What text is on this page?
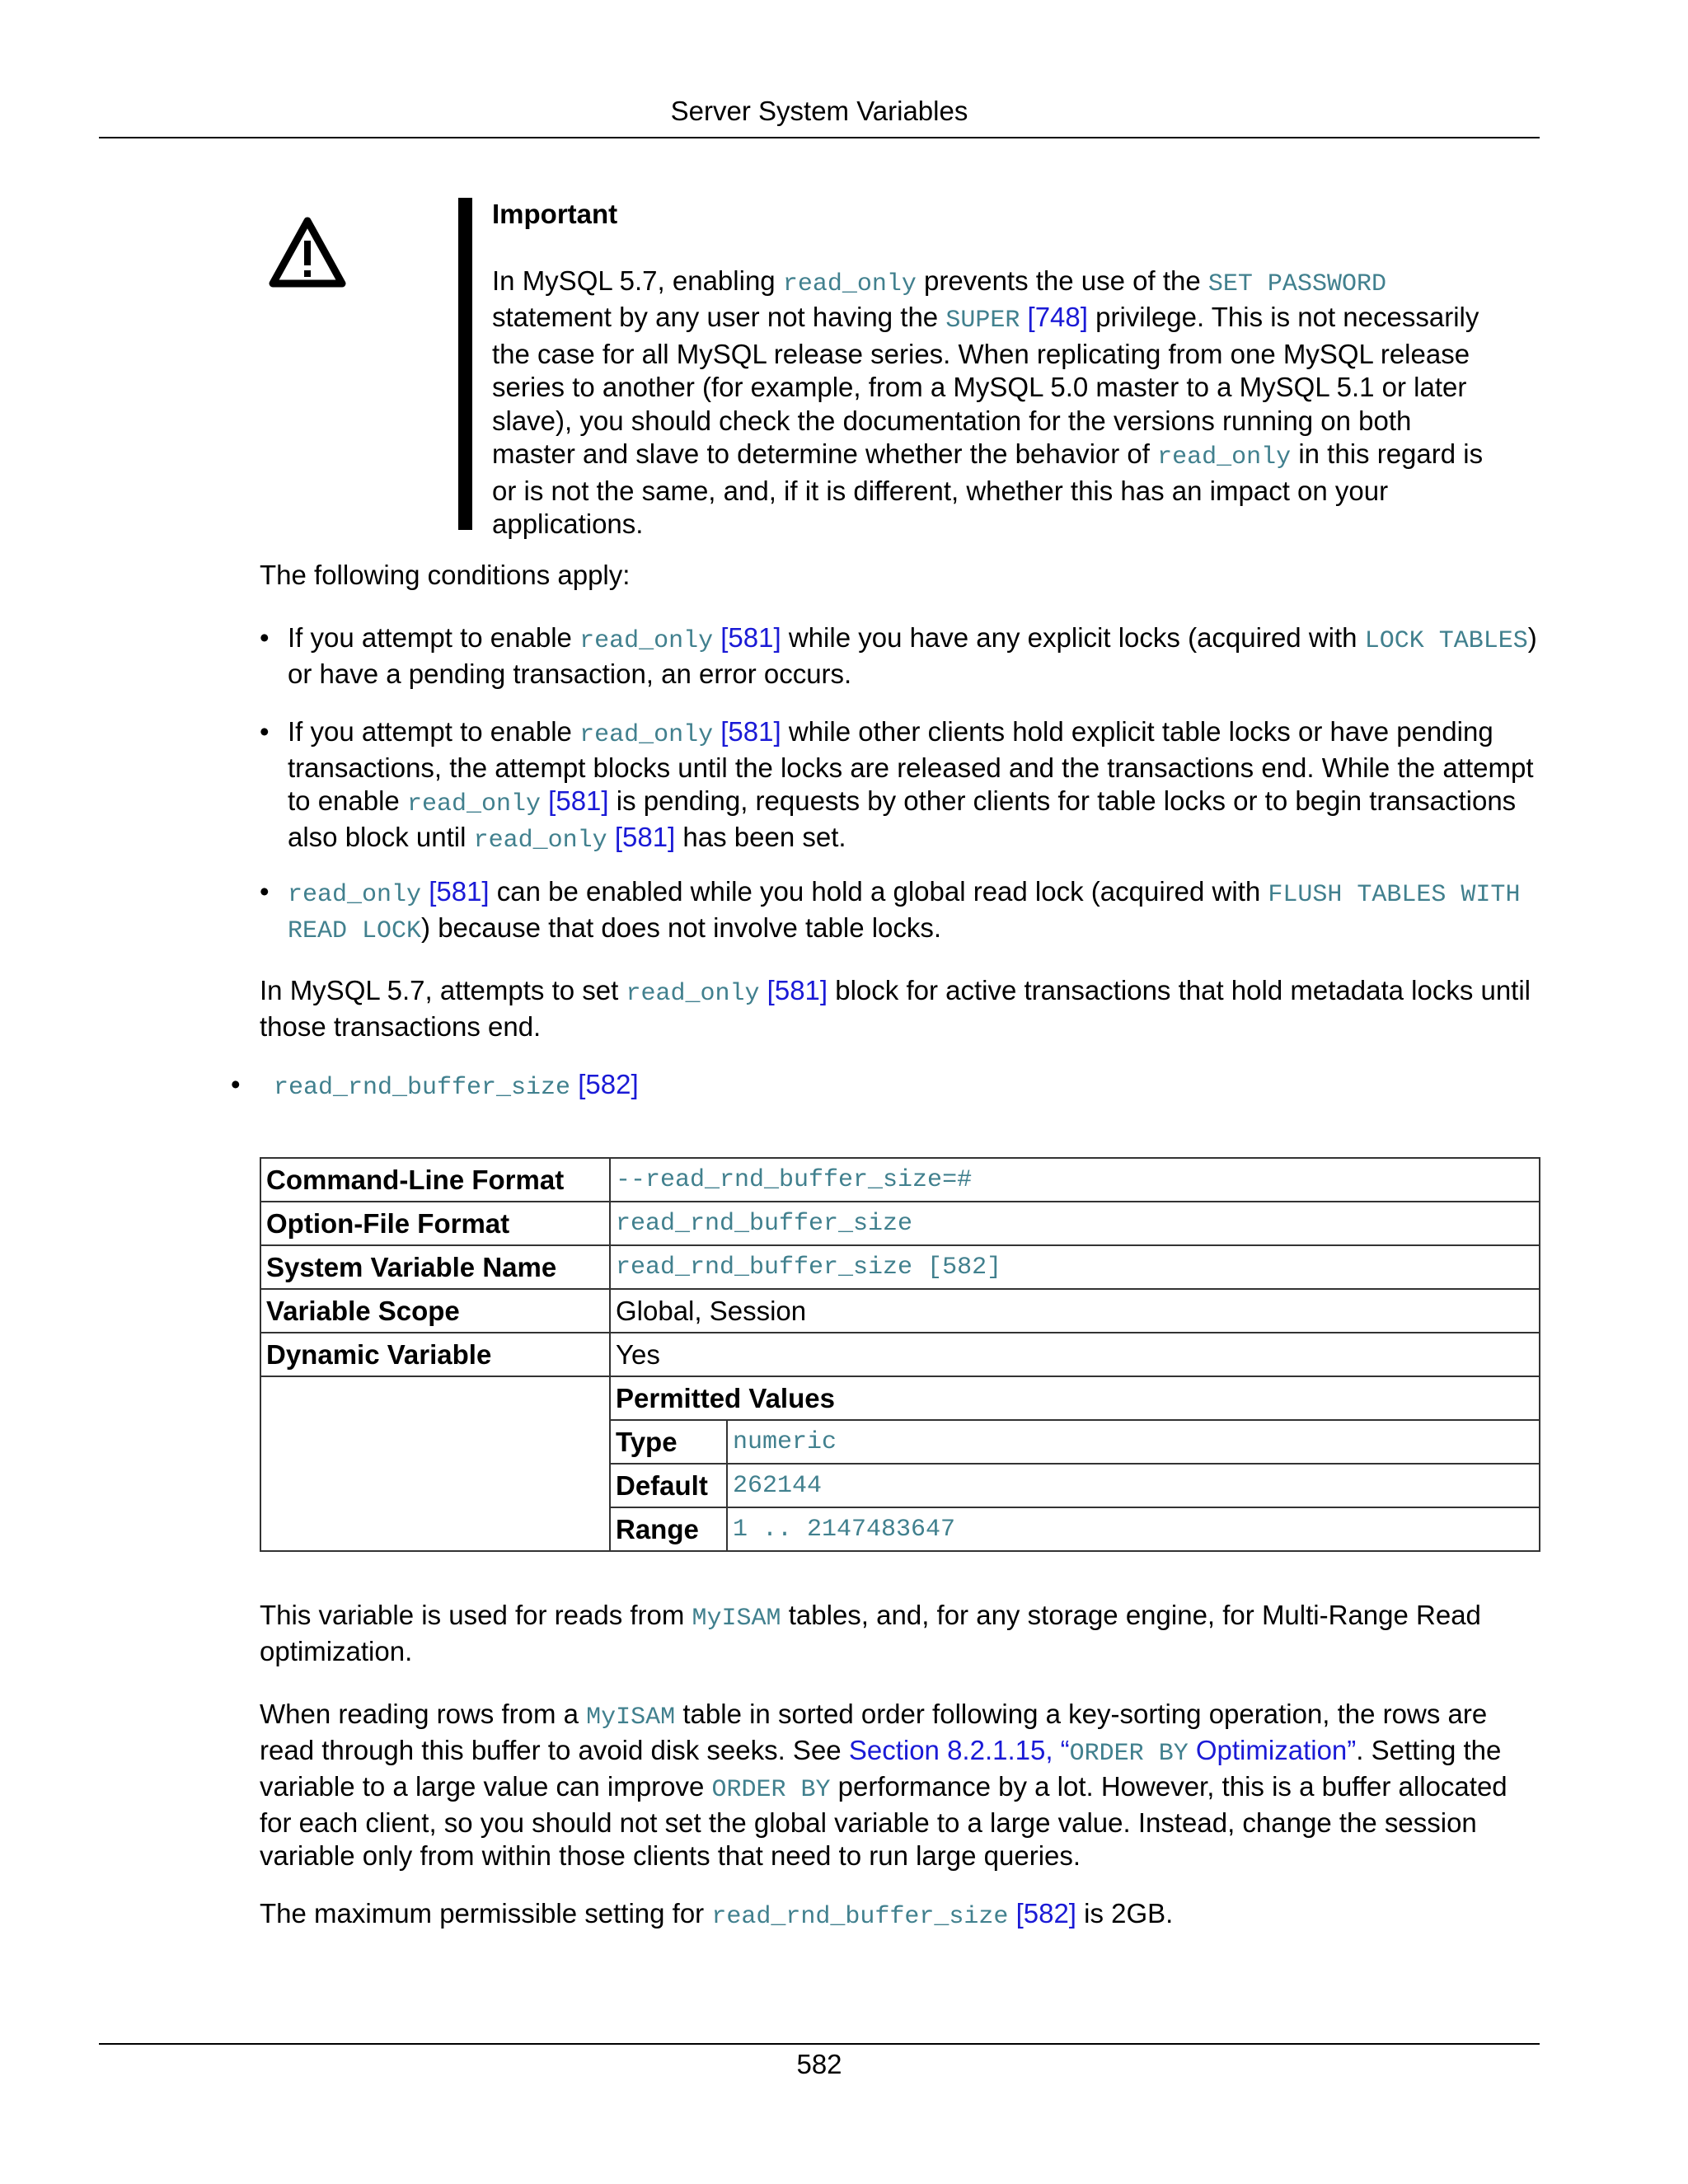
Server System Variables
Important
In MySQL 5.7, enabling read_only prevents the use of the SET PASSWORD statement by any user not having the SUPER [748] privilege. This is not necessarily the case for all MySQL release series. When replicating from one MySQL release series to another (for example, from a MySQL 5.0 master to a MySQL 5.1 or later slave), you should check the documentation for the versions running on both master and slave to determine whether the behavior of read_only in this regard is or is not the same, and, if it is different, whether this has an impact on your applications.
The following conditions apply:
• If you attempt to enable read_only [581] while you have any explicit locks (acquired with LOCK TABLES) or have a pending transaction, an error occurs.
• If you attempt to enable read_only [581] while other clients hold explicit table locks or have pending transactions, the attempt blocks until the locks are released and the transactions end. While the attempt to enable read_only [581] is pending, requests by other clients for table locks or to begin transactions also block until read_only [581] has been set.
• read_only [581] can be enabled while you hold a global read lock (acquired with FLUSH TABLES WITH READ LOCK) because that does not involve table locks.
In MySQL 5.7, attempts to set read_only [581] block for active transactions that hold metadata locks until those transactions end.
• read_rnd_buffer_size [582]
Command-Line Format	--read_rnd_buffer_size=#
Option-File Format	read_rnd_buffer_size
System Variable Name	read_rnd_buffer_size [582]
Variable Scope	Global, Session
Dynamic Variable	Yes

Permitted Values
Type	numeric
Default	262144
Range	1 .. 2147483647
This variable is used for reads from MyISAM tables, and, for any storage engine, for Multi-Range Read optimization.
When reading rows from a MyISAM table in sorted order following a key-sorting operation, the rows are read through this buffer to avoid disk seeks. See Section 8.2.1.15, “ORDER BY Optimization”. Setting the variable to a large value can improve ORDER BY performance by a lot. However, this is a buffer allocated for each client, so you should not set the global variable to a large value. Instead, change the session variable only from within those clients that need to run large queries.
The maximum permissible setting for read_rnd_buffer_size [582] is 2GB.
582
